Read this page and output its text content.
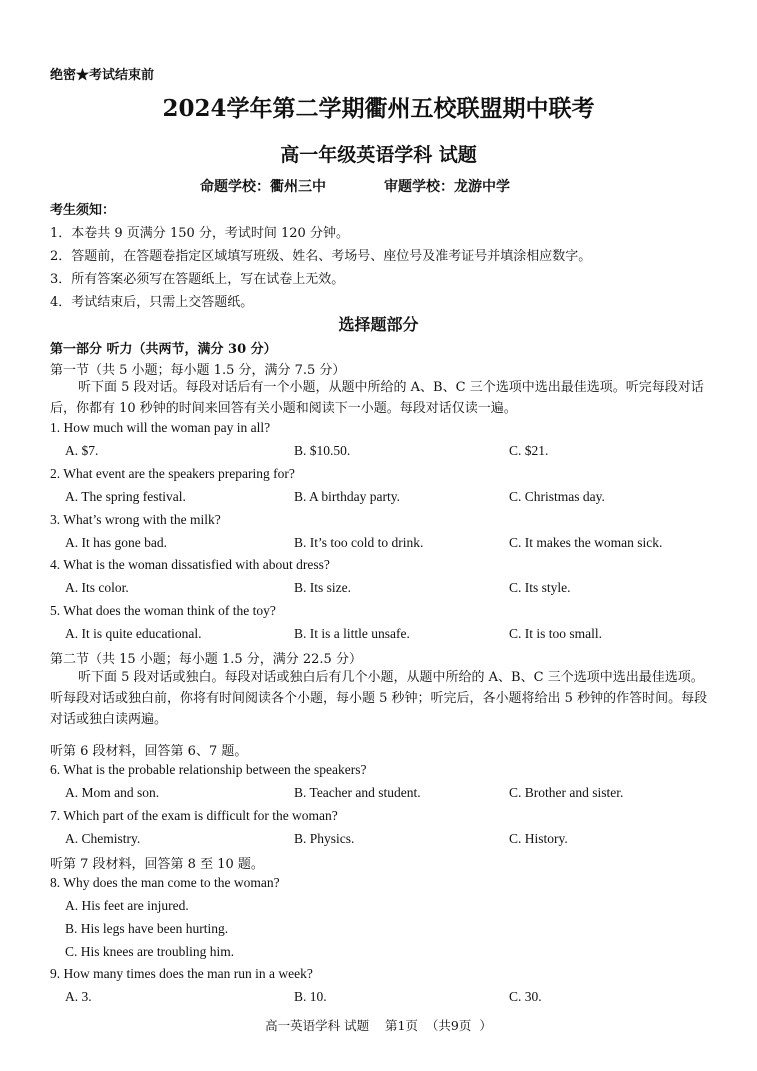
绝密★考试结束前
2024学年第二学期衢州五校联盟期中联考
高一年级英语学科 试题
命题学校：衢州三中	审题学校：龙游中学
考生须知：
1．本卷共 9 页满分 150 分，考试时间 120 分钟。
2．答题前，在答题卷指定区域填写班级、姓名、考场号、座位号及准考证号并填涂相应数字。
3．所有答案必须写在答题纸上，写在试卷上无效。
4．考试结束后，只需上交答题纸。
选择题部分
第一部分 听力（共两节，满分 30 分）
第一节（共 5 小题；每小题 1.5 分，满分 7.5 分）
听下面 5 段对话。每段对话后有一个小题，从题中所给的 A、B、C 三个选项中选出最佳选项。听完每段对话后，你都有 10 秒钟的时间来回答有关小题和阅读下一小题。每段对话仅读一遍。
1. How much will the woman pay in all?
A. $7.	B. $10.50.	C. $21.
2. What event are the speakers preparing for?
A. The spring festival.	B. A birthday party.	C. Christmas day.
3. What’s wrong with the milk?
A. It has gone bad.	B. It’s too cold to drink.	C. It makes the woman sick.
4. What is the woman dissatisfied with about dress?
A. Its color.	B. Its size.	C. Its style.
5. What does the woman think of the toy?
A. It is quite educational.	B. It is a little unsafe.	C. It is too small.
第二节（共 15 小题；每小题 1.5 分，满分 22.5 分）
听下面 5 段对话或独白。每段对话或独白后有几个小题，从题中所给的 A、B、C 三个选项中选出最佳选项。听每段对话或独白前，你将有时间阅读各个小题，每小题 5 秒钟；听完后，各小题将给出 5 秒钟的作答时间。每段对话或独白读两遍。
听第 6 段材料，回答第 6、7 题。
6. What is the probable relationship between the speakers?
A. Mom and son.	B. Teacher and student.	C. Brother and sister.
7. Which part of the exam is difficult for the woman?
A. Chemistry.	B. Physics.	C. History.
听第 7 段材料，回答第 8 至 10 题。
8. Why does the man come to the woman?
A. His feet are injured.
B. His legs have been hurting.
C. His knees are troubling him.
9. How many times does the man run in a week?
A. 3.	B. 10.	C. 30.
高一英语学科 试题    第1页  （共9页  ）
